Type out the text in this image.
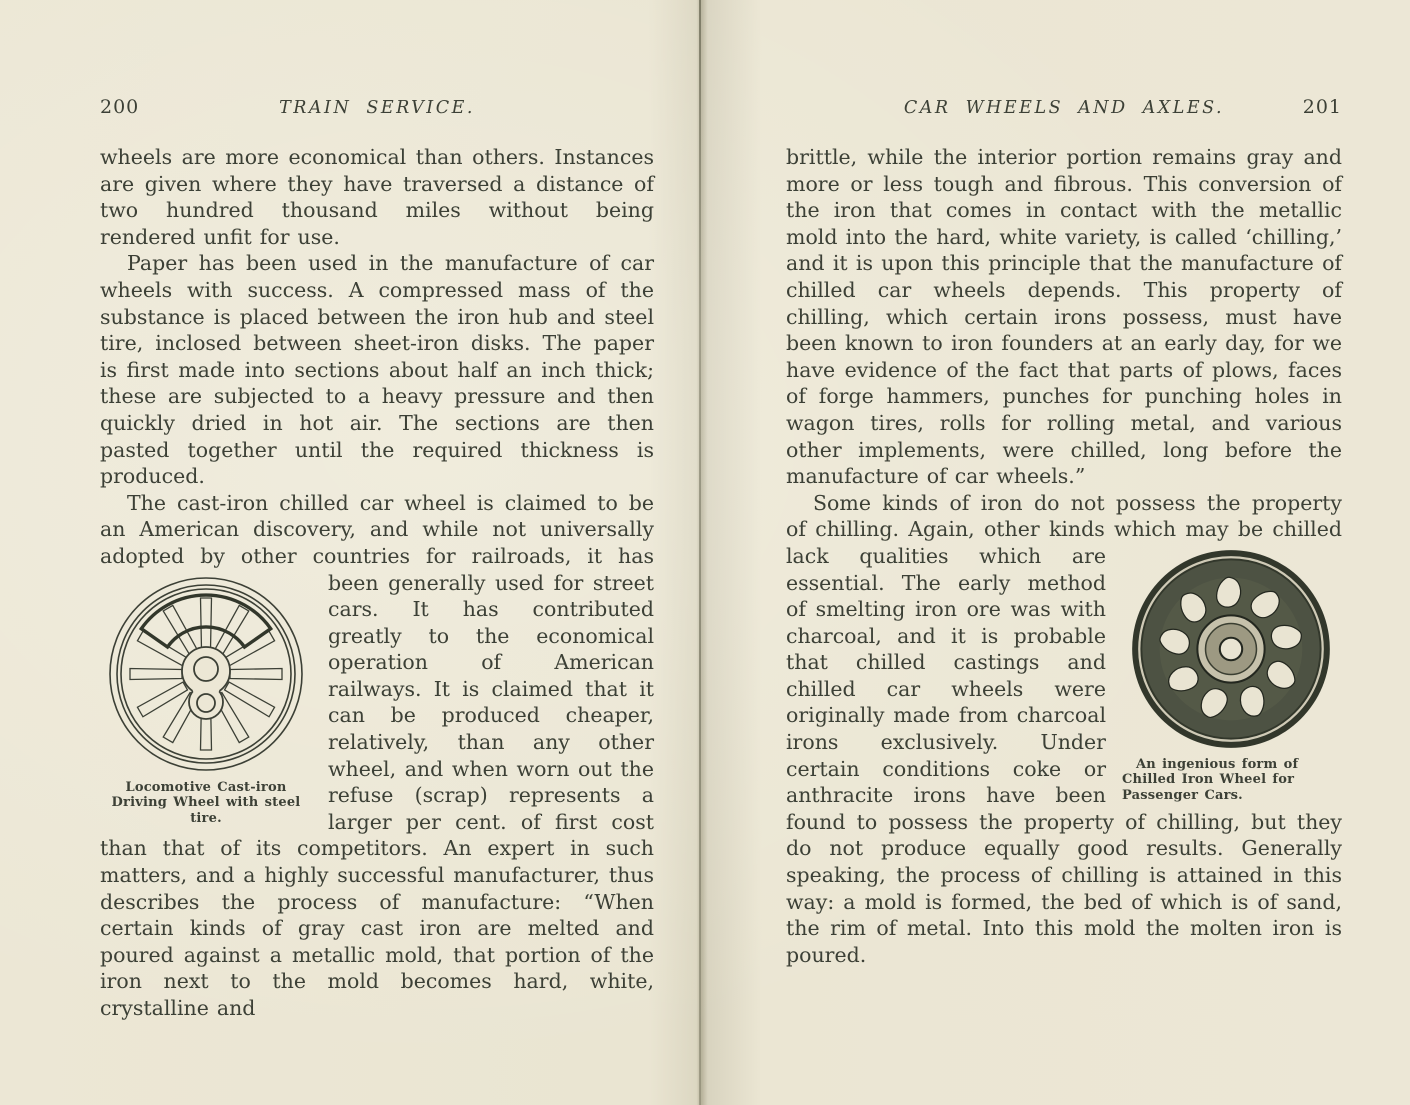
200	TRAIN SERVICE.
wheels are more economical than others. Instances are given where they have traversed a distance of two hundred thousand miles without being rendered unfit for use.
Paper has been used in the manufacture of car wheels with success. A compressed mass of the substance is placed between the iron hub and steel tire, inclosed between sheet-iron disks. The paper is first made into sections about half an inch thick; these are subjected to a heavy pressure and then quickly dried in hot air. The sections are then pasted together until the required thickness is produced.
The cast-iron chilled car wheel is claimed to be an American discovery, and while not universally adopted by other countries for railroads,
Locomotive Cast-iron Driving Wheel with steel tire.
it has been generally used for street cars. It has contributed greatly to the economical operation of American railways. It is claimed that it can be produced cheaper, relatively, than any other wheel, and when worn out the refuse (scrap) represents a larger per cent. of first cost than that of its competitors. An expert in such matters, and a highly successful manufacturer, thus describes the process of manufacture: “When certain kinds of gray cast iron are melted and poured against a metallic mold, that portion of the iron next to the mold becomes hard, white, crystalline and
CAR WHEELS AND AXLES.	201
brittle, while the interior portion remains gray and more or less tough and fibrous. This conversion of the iron that comes in contact with the metallic mold into the hard, white variety, is called ‘chilling,’ and it is upon this principle that the manufacture of chilled car wheels depends. This property of chilling, which certain irons possess, must have been known to iron founders at an early day, for we have evidence of the fact that parts of plows, faces of forge hammers, punches for punching holes in wagon tires, rolls for rolling metal, and various other implements, were chilled, long before the manufacture of car wheels.”
Some kinds of iron do not possess the property of chilling. Again, other kinds which may be chilled lack qualities which
An ingenious form of Chilled Iron Wheel for Passenger Cars.
are essential. The early method of smelting iron ore was with charcoal, and it is probable that chilled castings and chilled car wheels were originally made from charcoal irons exclusively. Under certain conditions coke or anthracite irons have been found to possess the property of chilling, but they do not produce equally good results. Generally speaking, the process of chilling is attained in this way: a mold is formed, the bed of which is of sand, the rim of metal. Into this mold the molten iron is poured.
